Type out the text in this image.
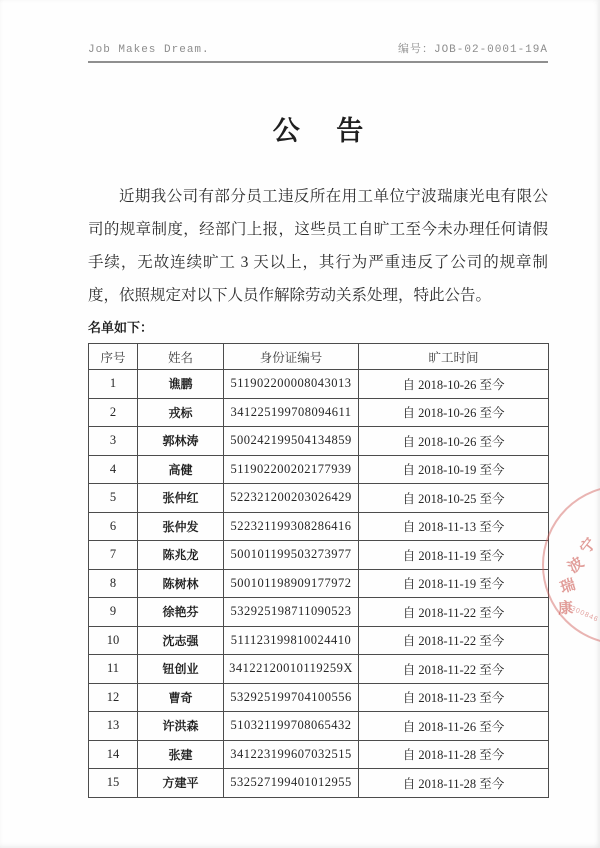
Job Makes Dream.	编号：JOB-02-0001-19A
公 告

近期我公司有部分员工违反所在用工单位宁波瑞康光电有限公司的规章制度，经部门上报，这些员工自旷工至今未办理任何请假手续，无故连续旷工 3 天以上，其行为严重违反了公司的规章制度，依照规定对以下人员作解除劳动关系处理，特此公告。

名单如下：
序号	姓名	身份证编号	旷工时间
1	谯鹏	511902200008043013	自 2018-10-26 至今
2	戎标	341225199708094611	自 2018-10-26 至今
3	郭林涛	500242199504134859	自 2018-10-26 至今
4	高健	511902200202177939	自 2018-10-19 至今
5	张仲红	522321200203026429	自 2018-10-25 至今
6	张仲发	522321199308286416	自 2018-11-13 至今
7	陈兆龙	500101199503273977	自 2018-11-19 至今
8	陈树林	500101198909177972	自 2018-11-19 至今
9	徐艳芬	532925198711090523	自 2018-11-22 至今
10	沈志强	511123199810024410	自 2018-11-22 至今
11	钮创业	34122120010119259X	自 2018-11-22 至今
12	曹奇	532925199704100556	自 2018-11-23 至今
13	许洪森	510321199708065432	自 2018-11-26 至今
14	张建	341223199607032515	自 2018-11-28 至今
15	方建平	532527199401012955	自 2018-11-28 至今
宁
波
瑞
康
300846
